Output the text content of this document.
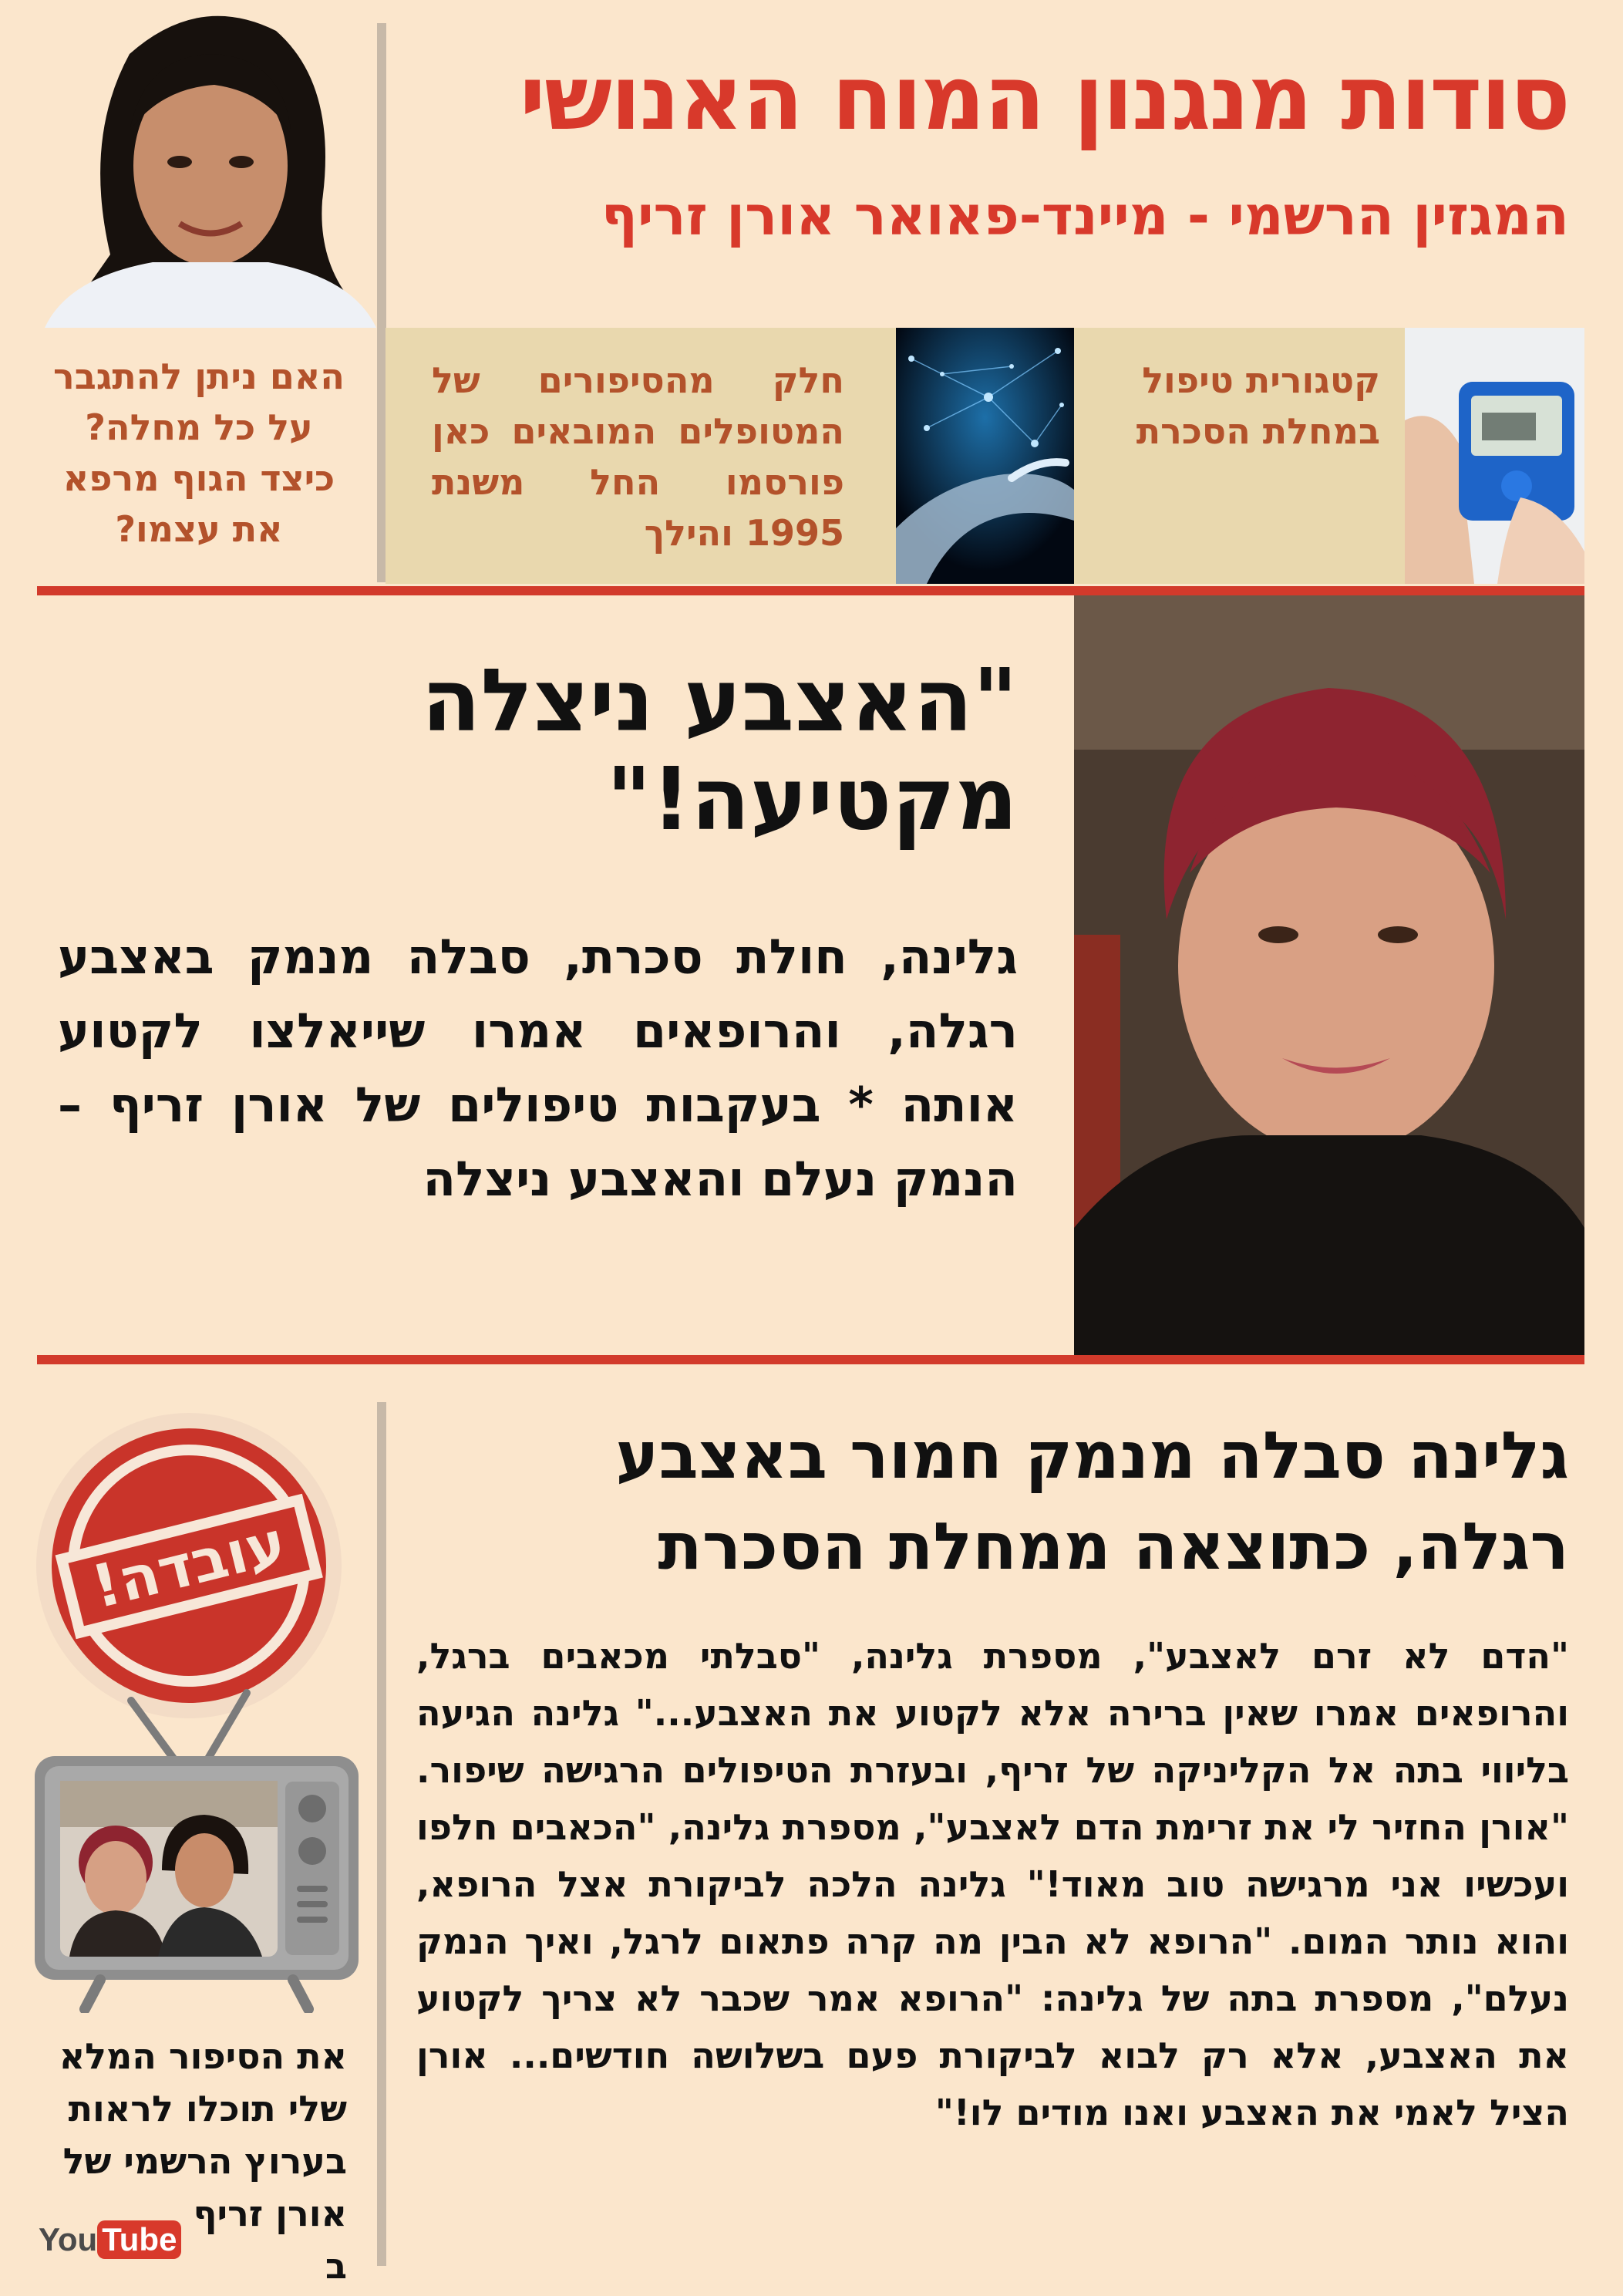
סודות מנגנון המוח האנושי
המגזין הרשמי - מיינד-פאואר אורן זריף
האם ניתן להתגבר
על כל מחלה?
כיצד הגוף מרפא
את עצמו?
חלק מהסיפורים של המטופלים המובאים כאן פורסמו החל משנת 1995 והילך
קטגורית טיפול
במחלת הסכרת
"האצבע ניצלה
מקטיעה!"
גלינה, חולת סכרת, סבלה מנמק באצבע רגלה, והרופאים אמרו שייאלצו לקטוע אותה * בעקבות טיפולים של אורן זריף – הנמק נעלם והאצבע ניצלה
עובדה!
את הסיפור המלא
שלי תוכלו לראות
בערוץ הרשמי של
אורן זריף ב
You Tube
גלינה סבלה מנמק חמור באצבע
רגלה, כתוצאה ממחלת הסכרת
"הדם לא זרם לאצבע", מספרת גלינה, "סבלתי מכאבים ברגל, והרופאים אמרו שאין ברירה אלא לקטוע את האצבע..." גלינה הגיעה בליווי בתה אל הקליניקה של זריף, ובעזרת הטיפולים הרגישה שיפור. "אורן החזיר לי את זרימת הדם לאצבע", מספרת גלינה, "הכאבים חלפו ועכשיו אני מרגישה טוב מאוד!" גלינה הלכה לביקורת אצל הרופא, והוא נותר המום. "הרופא לא הבין מה קרה פתאום לרגל, ואיך הנמק נעלם", מספרת בתה של גלינה: "הרופא אמר שכבר לא צריך לקטוע את האצבע, אלא רק לבוא לביקורת פעם בשלושה חודשים... אורן הציל לאמי את האצבע ואנו מודים לו!"
